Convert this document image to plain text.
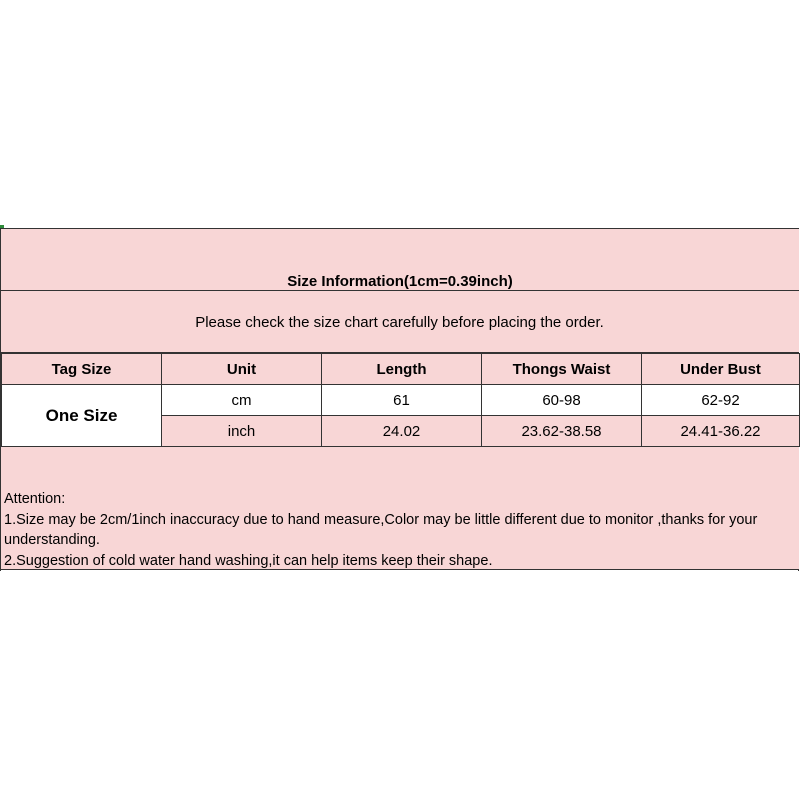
Size Information(1cm=0.39inch)
Please check the size chart carefully before placing the order.
Tag Size	Unit	Length	Thongs Waist	Under Bust
One Size	cm	61	60-98	62-92
	inch	24.02	23.62-38.58	24.41-36.22

Attention:

1.Size may be 2cm/1inch inaccuracy due to hand measure,Color may be little different due to monitor ,thanks for your understanding.

2.Suggestion of cold water hand washing,it can help items keep their shape.
